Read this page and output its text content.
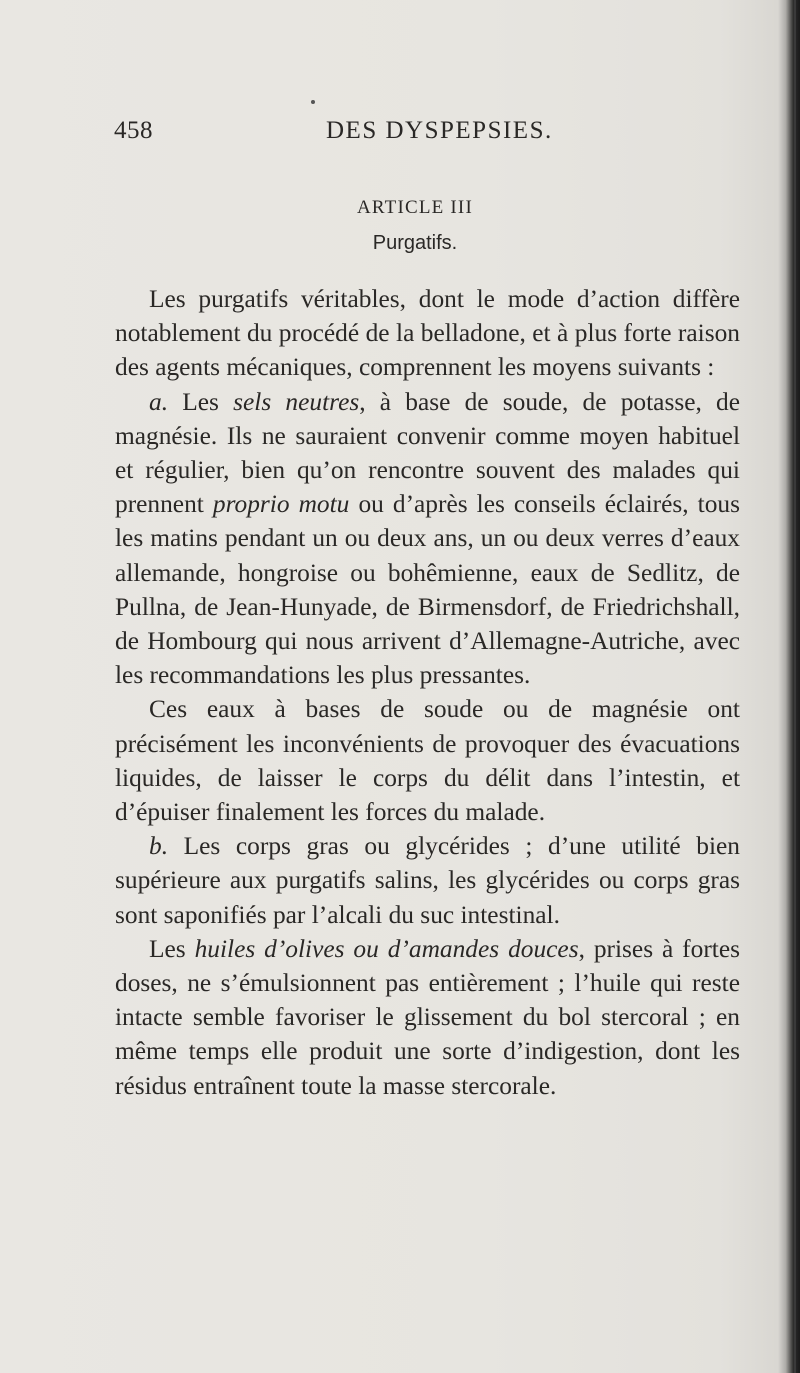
458	DES DYSPEPSIES.
ARTICLE III
Purgatifs.

Les purgatifs véritables, dont le mode d’action diffère notablement du procédé de la belladone, et à plus forte raison des agents mécaniques, comprennent les moyens suivants :

a. Les sels neutres, à base de soude, de potasse, de magnésie. Ils ne sauraient convenir comme moyen habituel et régulier, bien qu’on rencontre souvent des malades qui prennent proprio motu ou d’après les conseils éclairés, tous les matins pendant un ou deux ans, un ou deux verres d’eaux allemande, hongroise ou bohêmienne, eaux de Sedlitz, de Pullna, de Jean-Hunyade, de Birmensdorf, de Friedrichshall, de Hombourg qui nous arrivent d’Allemagne-Autriche, avec les recommandations les plus pressantes.

Ces eaux à bases de soude ou de magnésie ont précisément les inconvénients de provoquer des évacuations liquides, de laisser le corps du délit dans l’intestin, et d’épuiser finalement les forces du malade.

b. Les corps gras ou glycérides ; d’une utilité bien supérieure aux purgatifs salins, les glycérides ou corps gras sont saponifiés par l’alcali du suc intestinal.

Les huiles d’olives ou d’amandes douces, prises à fortes doses, ne s’émulsionnent pas entièrement ; l’huile qui reste intacte semble favoriser le glissement du bol stercoral ; en même temps elle produit une sorte d’indigestion, dont les résidus entraînent toute la masse stercorale.
